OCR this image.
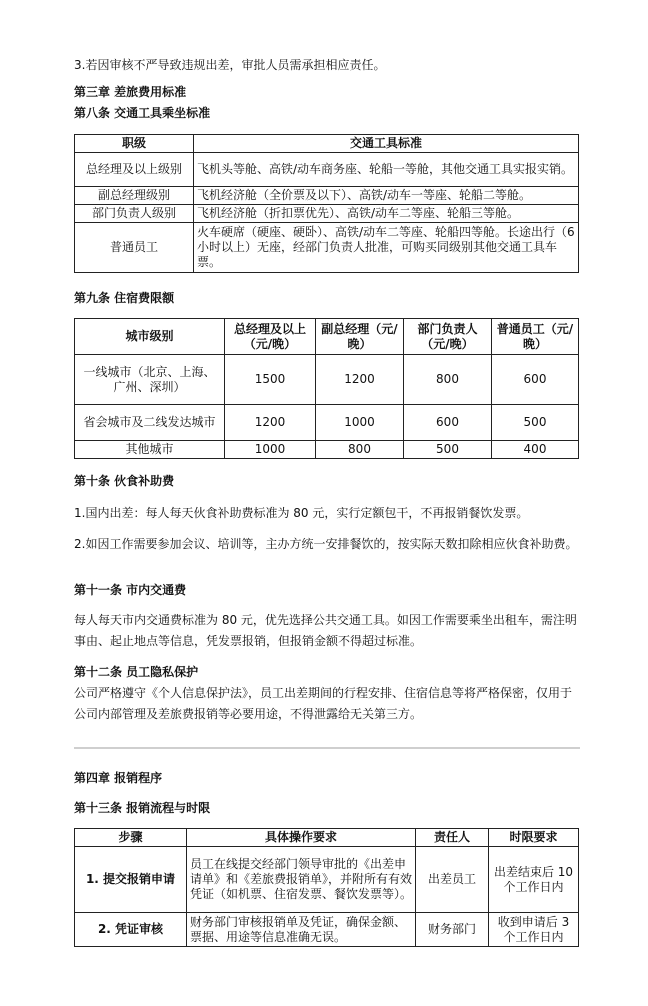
3.若因审核不严导致违规出差，审批人员需承担相应责任。
第三章 差旅费用标准
第八条 交通工具乘坐标准
职级	交通工具标准
总经理及以上级别	飞机头等舱、高铁/动车商务座、轮船一等舱，其他交通工具实报实销。
副总经理级别	飞机经济舱（全价票及以下）、高铁/动车一等座、轮船二等舱。
部门负责人级别	飞机经济舱（折扣票优先）、高铁/动车二等座、轮船三等舱。
普通员工	火车硬席（硬座、硬卧）、高铁/动车二等座、轮船四等舱。长途出行（6 小时以上）无座，经部门负责人批准，可购买同级别其他交通工具车票。
第九条 住宿费限额
城市级别	总经理及以上（元/晚）	副总经理（元/晚）	部门负责人（元/晚）	普通员工（元/晚）
一线城市（北京、上海、广州、深圳）	1500	1200	800	600
省会城市及二线发达城市	1200	1000	600	500
其他城市	1000	800	500	400
第十条 伙食补助费
1.国内出差：每人每天伙食补助费标准为 80 元，实行定额包干，不再报销餐饮发票。
2.如因工作需要参加会议、培训等，主办方统一安排餐饮的，按实际天数扣除相应伙食补助费。
第十一条 市内交通费
每人每天市内交通费标准为 80 元，优先选择公共交通工具。如因工作需要乘坐出租车，需注明事由、起止地点等信息，凭发票报销，但报销金额不得超过标准。
第十二条 员工隐私保护
公司严格遵守《个人信息保护法》，员工出差期间的行程安排、住宿信息等将严格保密，仅用于公司内部管理及差旅费报销等必要用途，不得泄露给无关第三方。
第四章 报销程序
第十三条 报销流程与时限
步骤	具体操作要求	责任人	时限要求
1. 提交报销申请	员工在线提交经部门领导审批的《出差申请单》和《差旅费报销单》，并附所有有效凭证（如机票、住宿发票、餐饮发票等）。	出差员工	出差结束后 10 个工作日内
2. 凭证审核	财务部门审核报销单及凭证，确保金额、票据、用途等信息准确无误。	财务部门	收到申请后 3 个工作日内
